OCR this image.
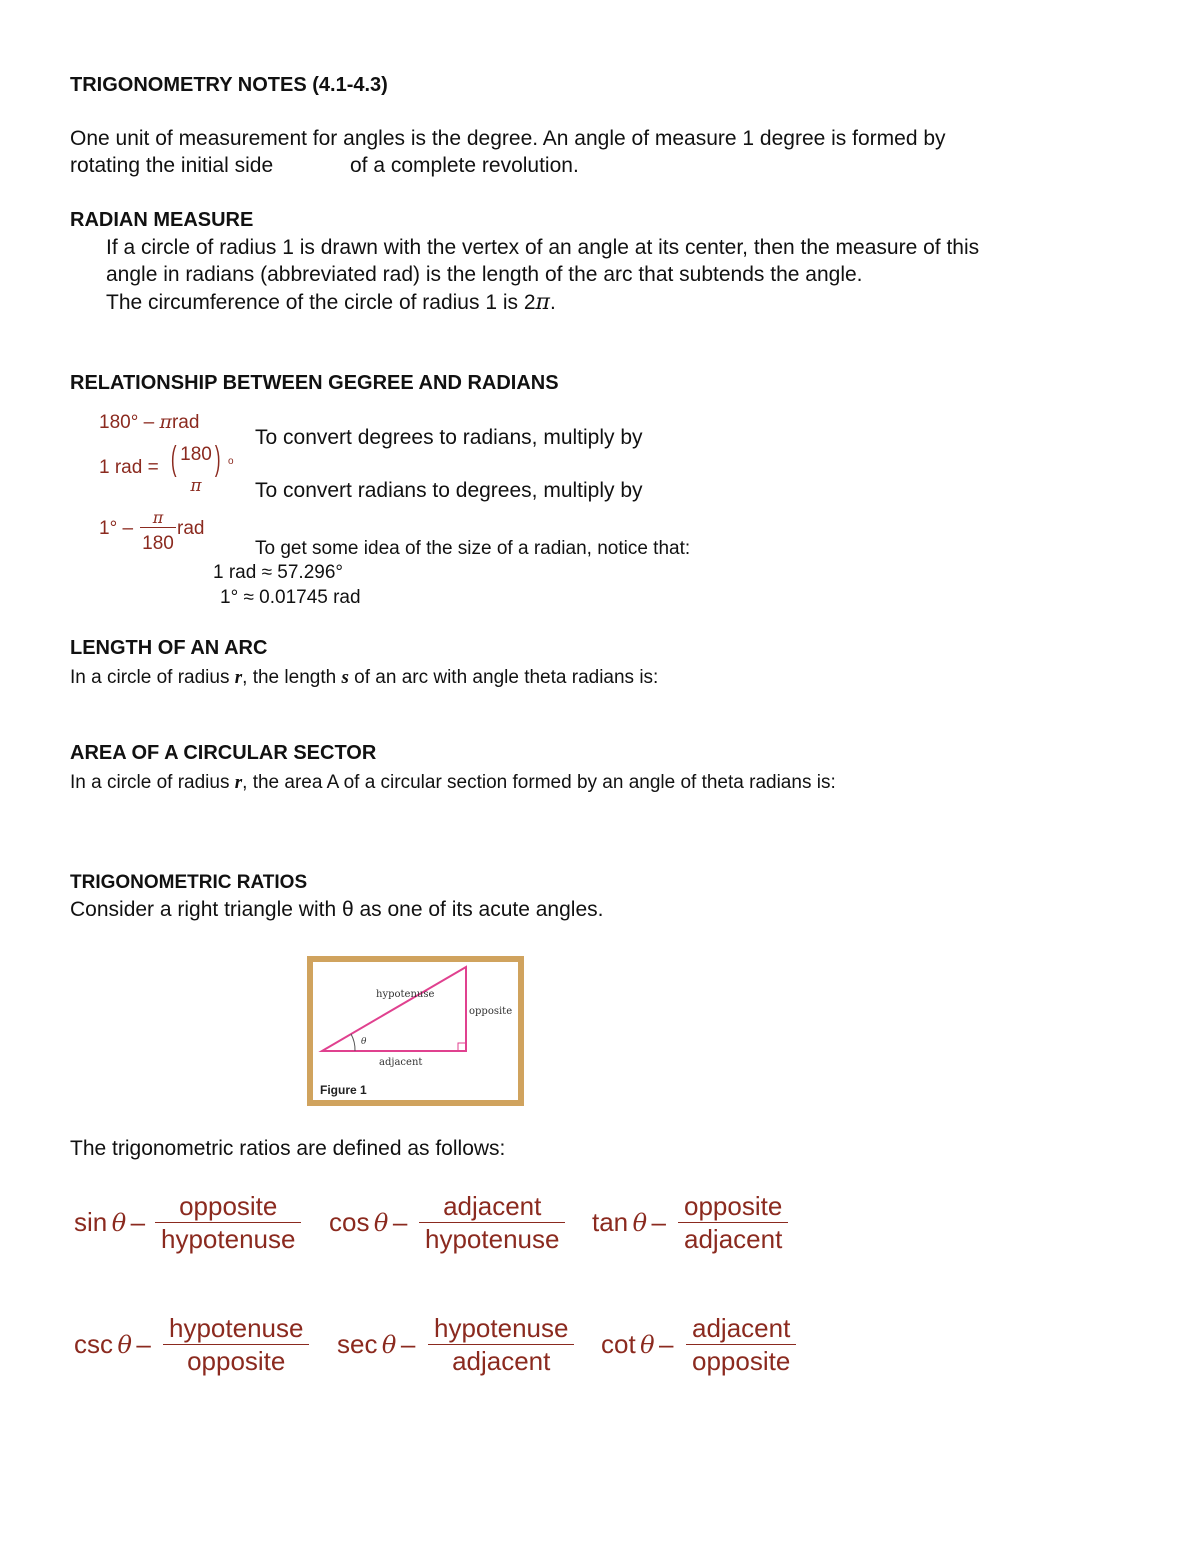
TRIGONOMETRY NOTES (4.1-4.3)
One unit of measurement for angles is the degree. An angle of measure 1 degree is formed by
rotating the initial side	of a complete revolution.
RADIAN MEASURE
If a circle of radius 1 is drawn with the vertex of an angle at its center, then the measure of this
angle in radians (abbreviated rad) is the length of the arc that subtends the angle.
The circumference of the circle of radius 1 is 2π.
RELATIONSHIP BETWEEN GEGREE AND RADIANS
180° – πrad
1 rad = ( 180
π
) o
1° –
π
180
rad
To convert degrees to radians, multiply by
To convert radians to degrees, multiply by
To get some idea of the size of a radian, notice that:
1 rad ≈ 57.296°
1° ≈ 0.01745 rad
LENGTH OF AN ARC
In a circle of radius r, the length s of an arc with angle theta radians is:
AREA OF A CIRCULAR SECTOR
In a circle of radius r, the area A of a circular section formed by an angle of theta radians is:
TRIGONOMETRIC RATIOS
Consider a right triangle with θ as one of its acute angles.
hypotenuse
opposite
adjacent
θ
Figure 1
The trigonometric ratios are defined as follows:
sin θ –
opposite
hypotenuse
cos θ –
adjacent
hypotenuse
tan θ –
opposite
adjacent
csc θ –
hypotenuse
opposite
sec θ –
hypotenuse
adjacent
cot θ –
adjacent
opposite
